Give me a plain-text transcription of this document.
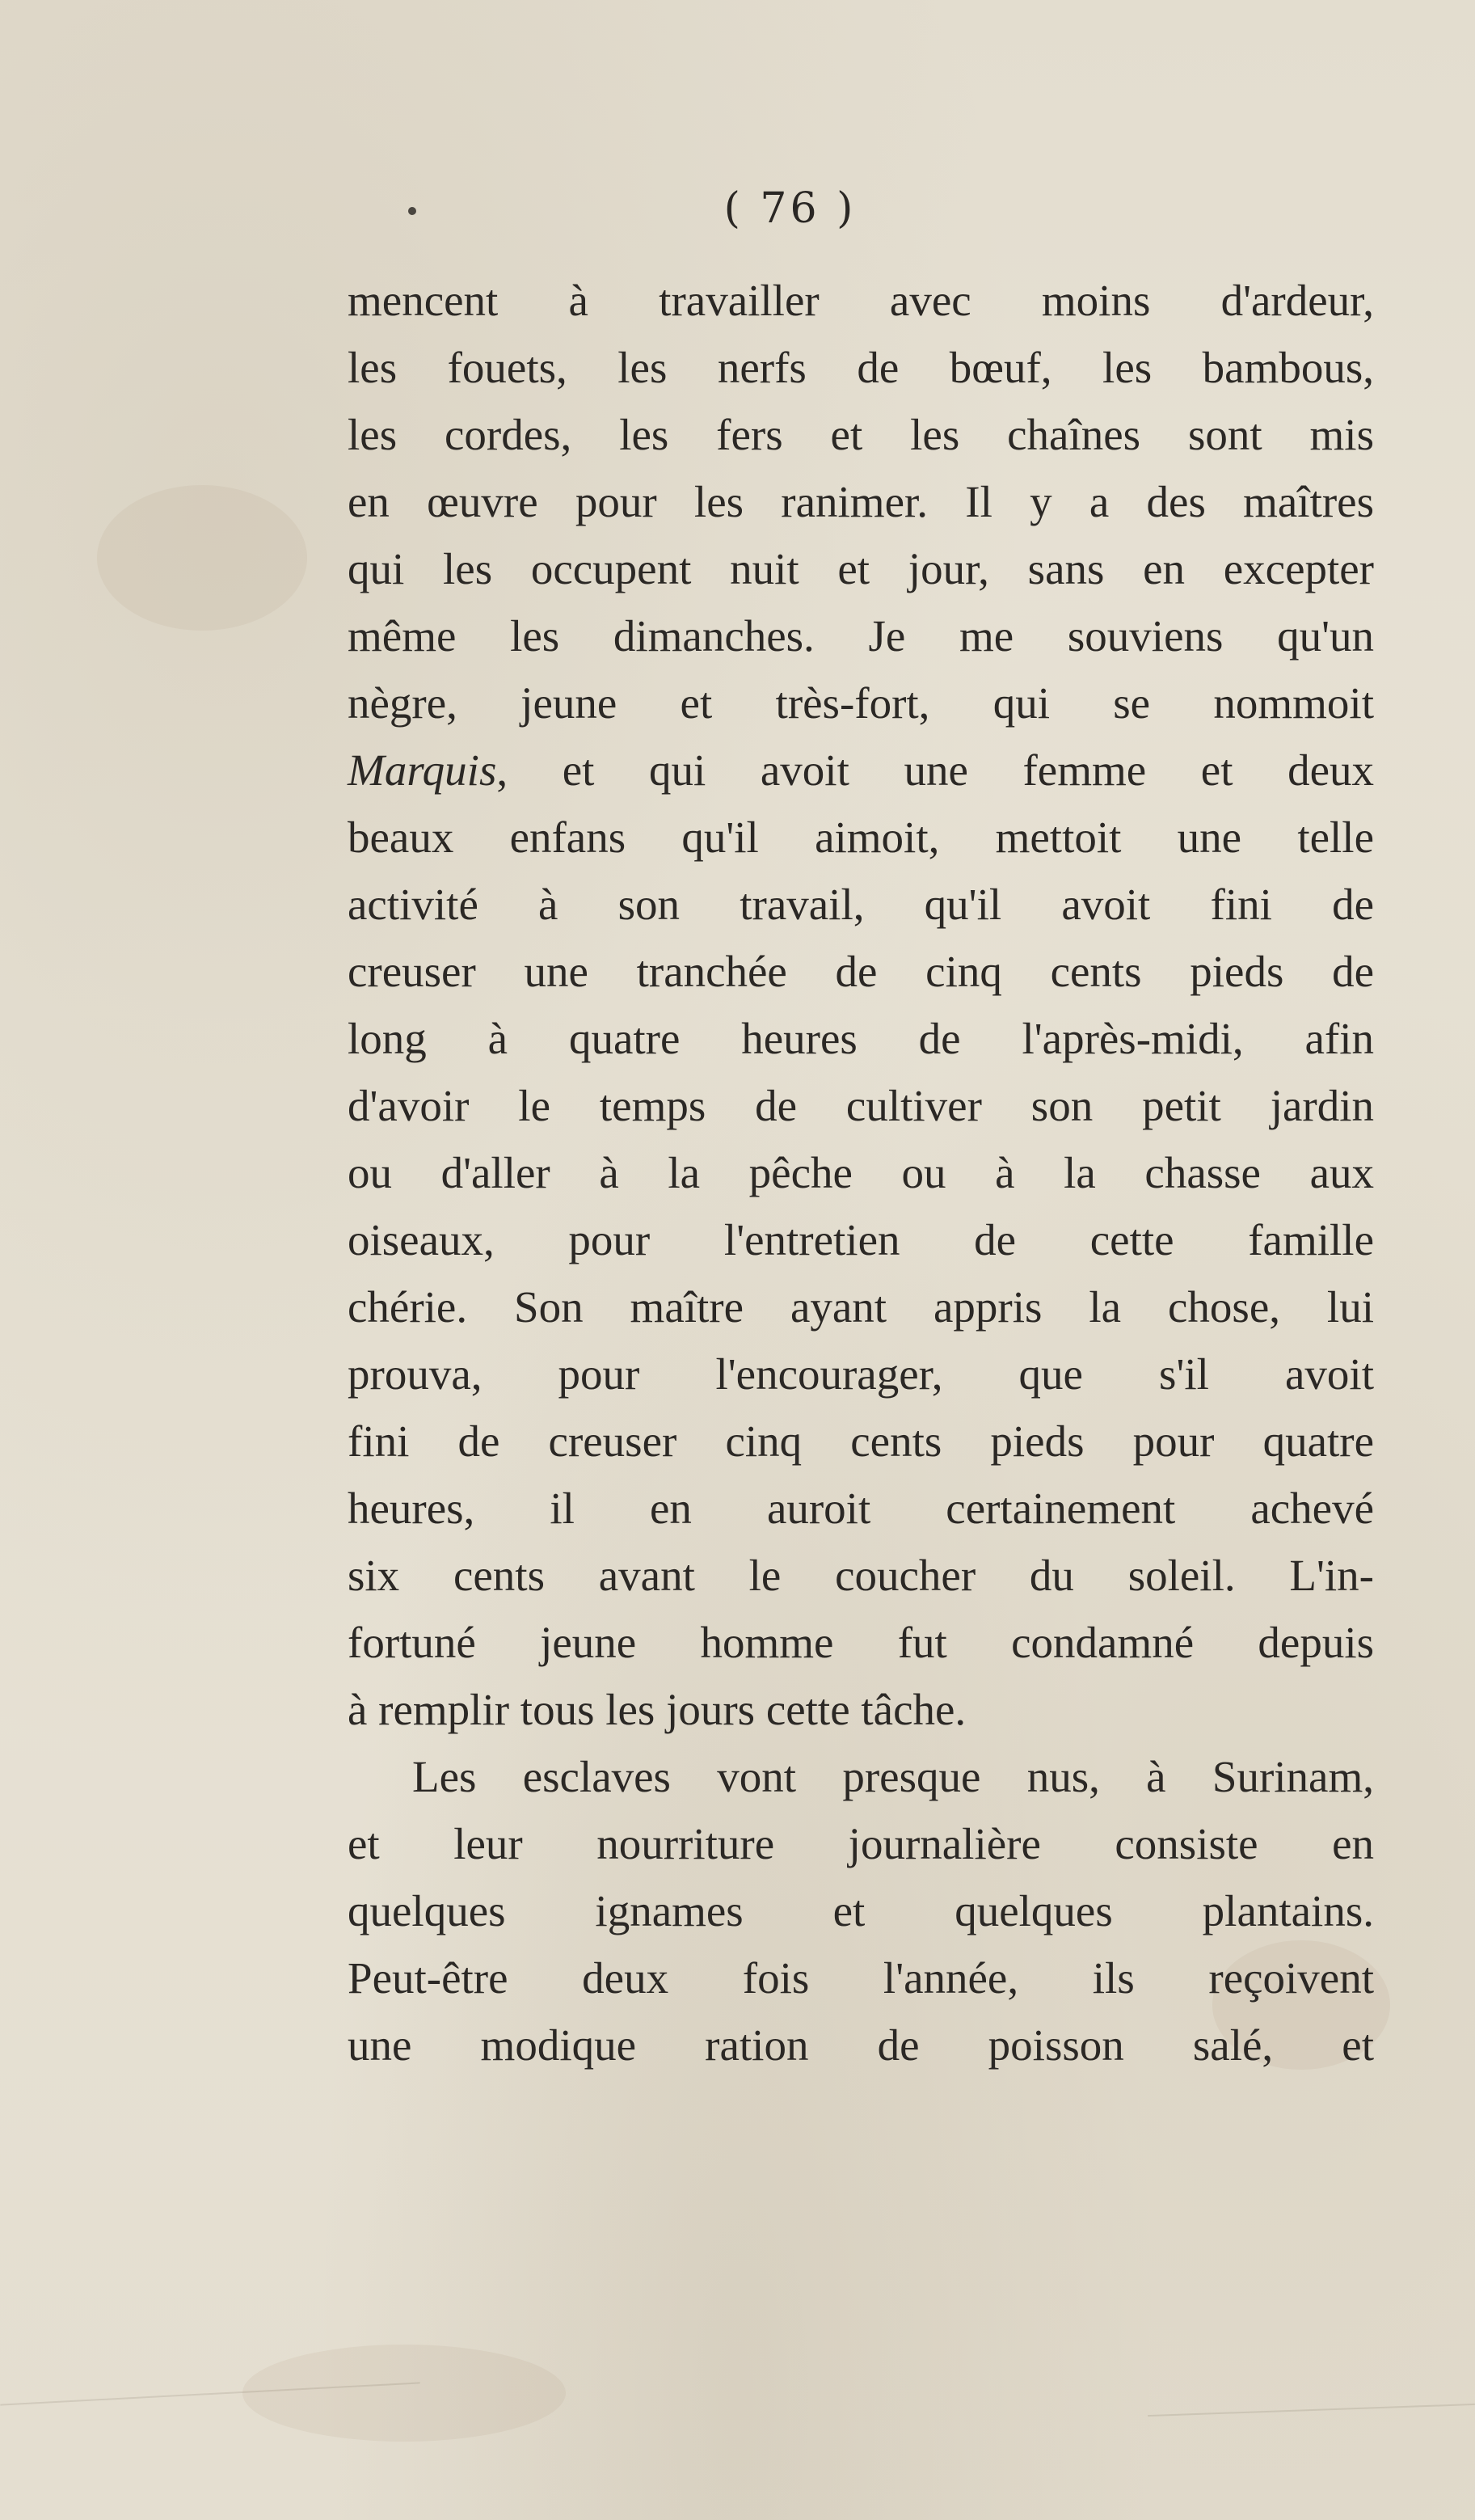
( 76 )
mencent à travailler avec moins d'ardeur,
les fouets, les nerfs de bœuf, les bambous,
les cordes, les fers et les chaînes sont mis
en œuvre pour les ranimer. Il y a des maîtres
qui les occupent nuit et jour, sans en excepter
même les dimanches. Je me souviens qu'un
nègre, jeune et très-fort, qui se nommoit
Marquis, et qui avoit une femme et deux
beaux enfans qu'il aimoit, mettoit une telle
activité à son travail, qu'il avoit fini de
creuser une tranchée de cinq cents pieds de
long à quatre heures de l'après-midi, afin
d'avoir le temps de cultiver son petit jardin
ou d'aller à la pêche ou à la chasse aux
oiseaux, pour l'entretien de cette famille
chérie. Son maître ayant appris la chose, lui
prouva, pour l'encourager, que s'il avoit
fini de creuser cinq cents pieds pour quatre
heures, il en auroit certainement achevé
six cents avant le coucher du soleil. L'in-
fortuné jeune homme fut condamné depuis
à remplir tous les jours cette tâche.
Les esclaves vont presque nus, à Surinam,
et leur nourriture journalière consiste en
quelques ignames et quelques plantains.
Peut-être deux fois l'année, ils reçoivent
une modique ration de poisson salé, et
